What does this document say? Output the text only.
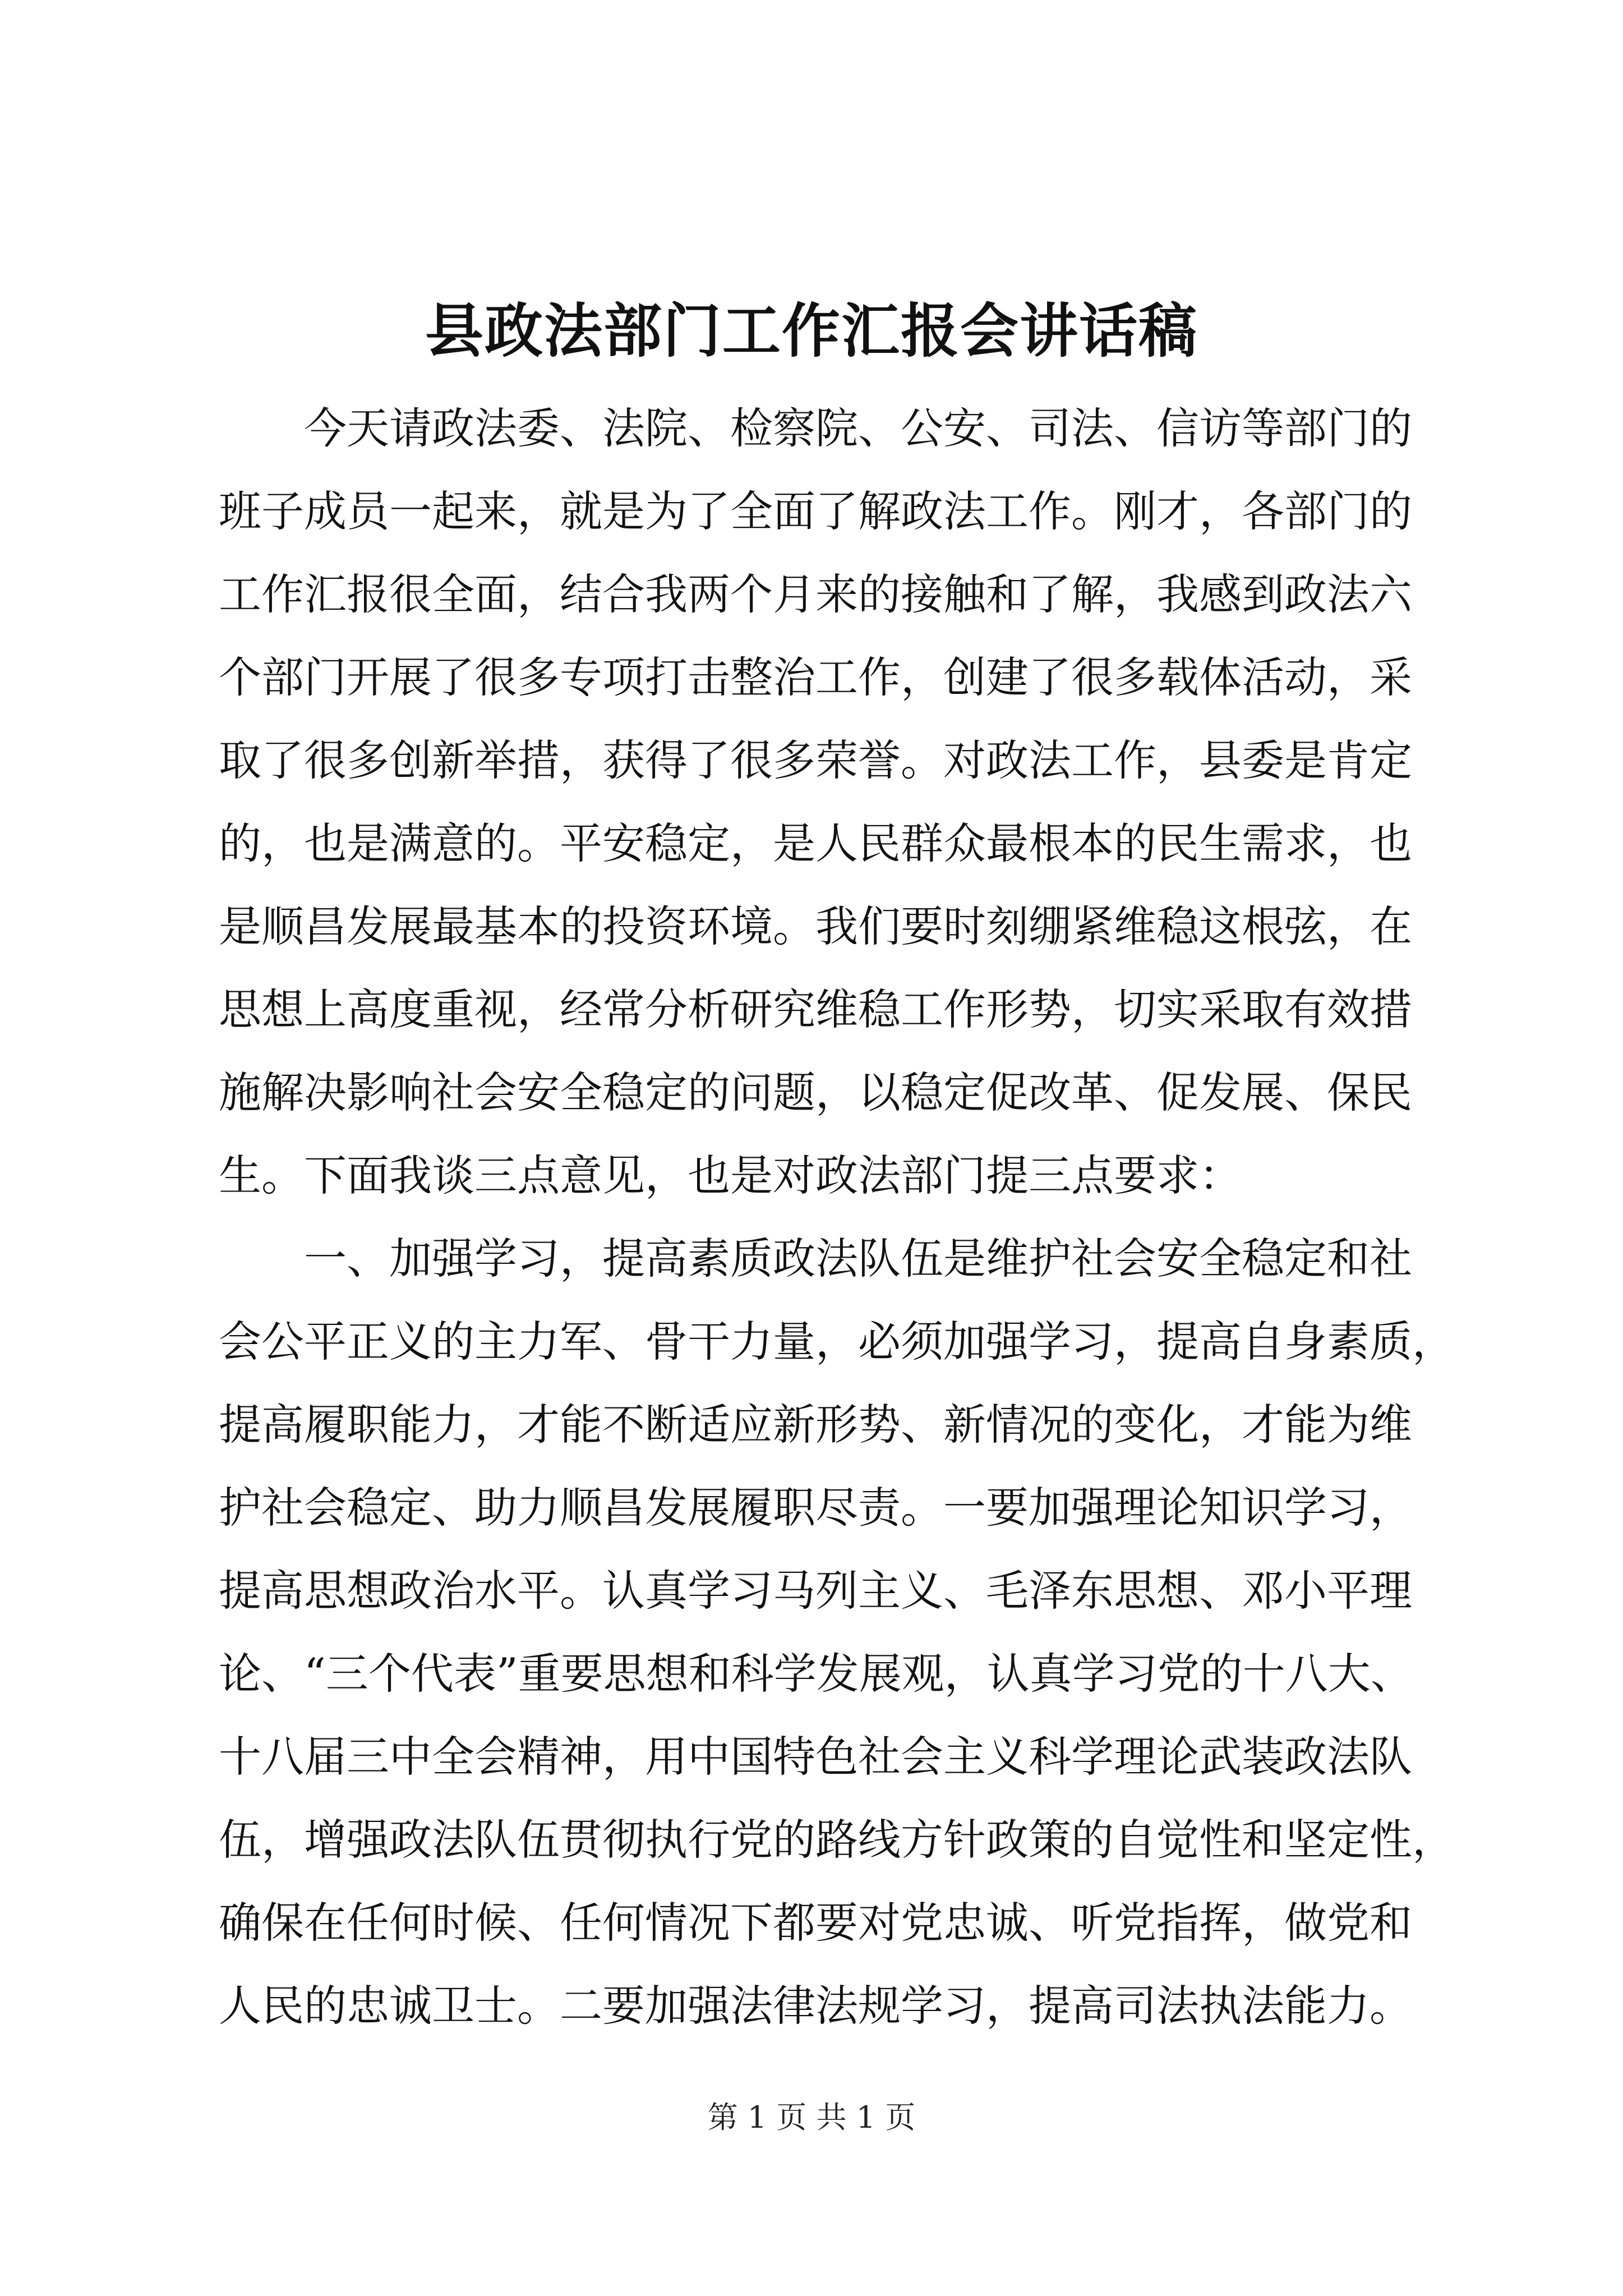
县政法部门工作汇报会讲话稿
今天请政法委、法院、检察院、公安、司法、信访等部门的
班子成员一起来，就是为了全面了解政法工作。刚才，各部门的
工作汇报很全面，结合我两个月来的接触和了解，我感到政法六
个部门开展了很多专项打击整治工作，创建了很多载体活动，采
取了很多创新举措，获得了很多荣誉。对政法工作，县委是肯定
的，也是满意的。平安稳定，是人民群众最根本的民生需求，也
是顺昌发展最基本的投资环境。我们要时刻绷紧维稳这根弦，在
思想上高度重视，经常分析研究维稳工作形势，切实采取有效措
施解决影响社会安全稳定的问题，以稳定促改革、促发展、保民
生。下面我谈三点意见，也是对政法部门提三点要求：
一、加强学习，提高素质政法队伍是维护社会安全稳定和社
会公平正义的主力军、骨干力量，必须加强学习，提高自身素质，
提高履职能力，才能不断适应新形势、新情况的变化，才能为维
护社会稳定、助力顺昌发展履职尽责。一要加强理论知识学习，
提高思想政治水平。认真学习马列主义、毛泽东思想、邓小平理
论、“三个代表”重要思想和科学发展观，认真学习党的十八大、
十八届三中全会精神，用中国特色社会主义科学理论武装政法队
伍，增强政法队伍贯彻执行党的路线方针政策的自觉性和坚定性，
确保在任何时候、任何情况下都要对党忠诚、听党指挥，做党和
人民的忠诚卫士。二要加强法律法规学习，提高司法执法能力。
第 1 页 共 1 页
